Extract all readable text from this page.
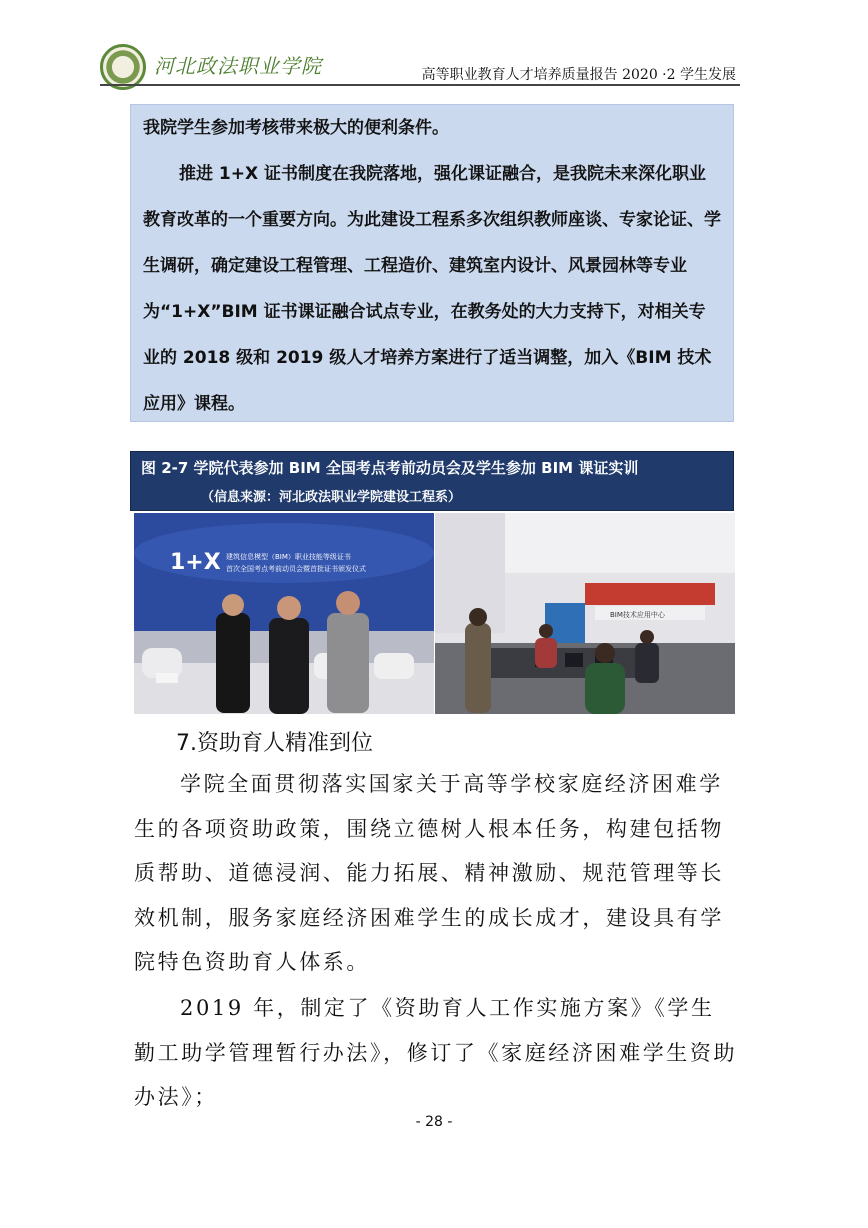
河北政法职业学院	高等职业教育人才培养质量报告 2020 ·2 学生发展

我院学生参加考核带来极大的便利条件。

推进 1+X 证书制度在我院落地，强化课证融合，是我院未来深化职业教育改革的一个重要方向。为此建设工程系多次组织教师座谈、专家论证、学生调研，确定建设工程管理、工程造价、建筑室内设计、风景园林等专业为“1+X”BIM 证书课证融合试点专业，在教务处的大力支持下，对相关专业的 2018 级和 2019 级人才培养方案进行了适当调整，加入《BIM 技术应用》课程。

图 2-7 学院代表参加 BIM 全国考点考前动员会及学生参加 BIM 课证实训
（信息来源：河北政法职业学院建设工程系）
1+X 建筑信息模型（BIM）职业技能等级证书
首次全国考点考前动员会暨首批证书颁发仪式
BIM技术应用中心
7.资助育人精准到位
学院全面贯彻落实国家关于高等学校家庭经济困难学生的各项资助政策，围绕立德树人根本任务，构建包括物质帮助、道德浸润、能力拓展、精神激励、规范管理等长效机制，服务家庭经济困难学生的成长成才，建设具有学院特色资助育人体系。
2019 年，制定了《资助育人工作实施方案》《学生勤工助学管理暂行办法》，修订了《家庭经济困难学生资助办法》；
- 28 -
